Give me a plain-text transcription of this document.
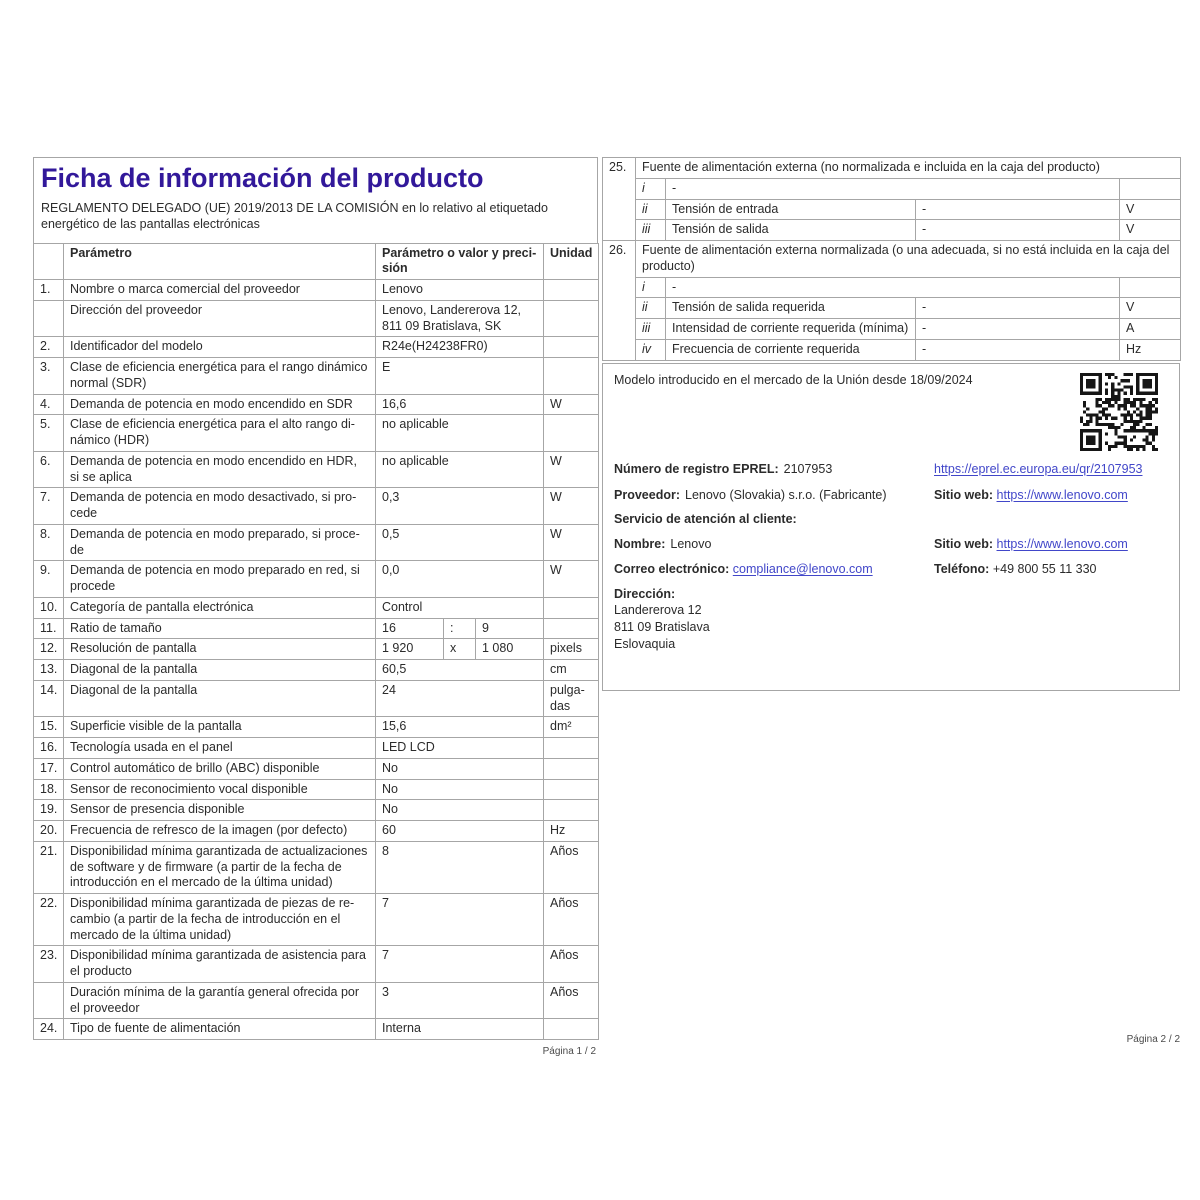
Ficha de información del producto

REGLAMENTO DELEGADO (UE) 2019/2013 DE LA COMISIÓN en lo relativo al etiquetado energético de las pantallas electrónicas

	Parámetro	Parámetro o valor y precisión			Unidad
1.	Nombre o marca comercial del proveedor	Lenovo			
	Dirección del proveedor	Lenovo, Landererova 12, 811 09 Bratislava, SK			
2.	Identificador del modelo	R24e(H24238FR0)			
3.	Clase de eficiencia energética para el rango dinámico normal (SDR)	E			
4.	Demanda de potencia en modo encendido en SDR	16,6			W
5.	Clase de eficiencia energética para el alto rango dinámico (HDR)	no aplicable			
6.	Demanda de potencia en modo encendido en HDR, si se aplica	no aplicable			W
7.	Demanda de potencia en modo desactivado, si procede	0,3			W
8.	Demanda de potencia en modo preparado, si procede	0,5			W
9.	Demanda de potencia en modo preparado en red, si procede	0,0			W
10.	Categoría de pantalla electrónica	Control			
11.	Ratio de tamaño	16	:	9	
12.	Resolución de pantalla	1 920	x	1 080	pixels
13.	Diagonal de la pantalla	60,5			cm
14.	Diagonal de la pantalla	24			pulgadas
15.	Superficie visible de la pantalla	15,6			dm²
16.	Tecnología usada en el panel	LED LCD			
17.	Control automático de brillo (ABC) disponible	No			
18.	Sensor de reconocimiento vocal disponible	No			
19.	Sensor de presencia disponible	No			
20.	Frecuencia de refresco de la imagen (por defecto)	60			Hz
21.	Disponibilidad mínima garantizada de actualizaciones de software y de firmware (a partir de la fecha de introducción en el mercado de la última unidad)	8			Años
22.	Disponibilidad mínima garantizada de piezas de recambio (a partir de la fecha de introducción en el mercado de la última unidad)	7			Años
23.	Disponibilidad mínima garantizada de asistencia para el producto	7			Años
	Duración mínima de la garantía general ofrecida por el proveedor	3			Años
24.	Tipo de fuente de alimentación	Interna			
Página 1 / 2
25.	Fuente de alimentación externa (no normalizada e incluida en la caja del producto)			
	i	-		
	ii	Tensión de entrada	-	V
	iii	Tensión de salida	-	V
26.	Fuente de alimentación externa normalizada (o una adecuada, si no está incluida en la caja del producto)			
	i	-		
	ii	Tensión de salida requerida	-	V
	iii	Intensidad de corriente requerida (mínima)	-	A
	iv	Frecuencia de corriente requerida	-	Hz
Modelo introducido en el mercado de la Unión desde 18/09/2024
Número de registro EPREL: 2107953	https://eprel.ec.europa.eu/qr/2107953
Proveedor: Lenovo (Slovakia) s.r.o. (Fabricante)	Sitio web: https://www.lenovo.com
Servicio de atención al cliente:
Nombre: Lenovo	Sitio web: https://www.lenovo.com
Correo electrónico: compliance@lenovo.com	Teléfono: +49 800 55 11 330
Dirección:
Landererova 12
811 09 Bratislava
Eslovaquia
Página 2 / 2
